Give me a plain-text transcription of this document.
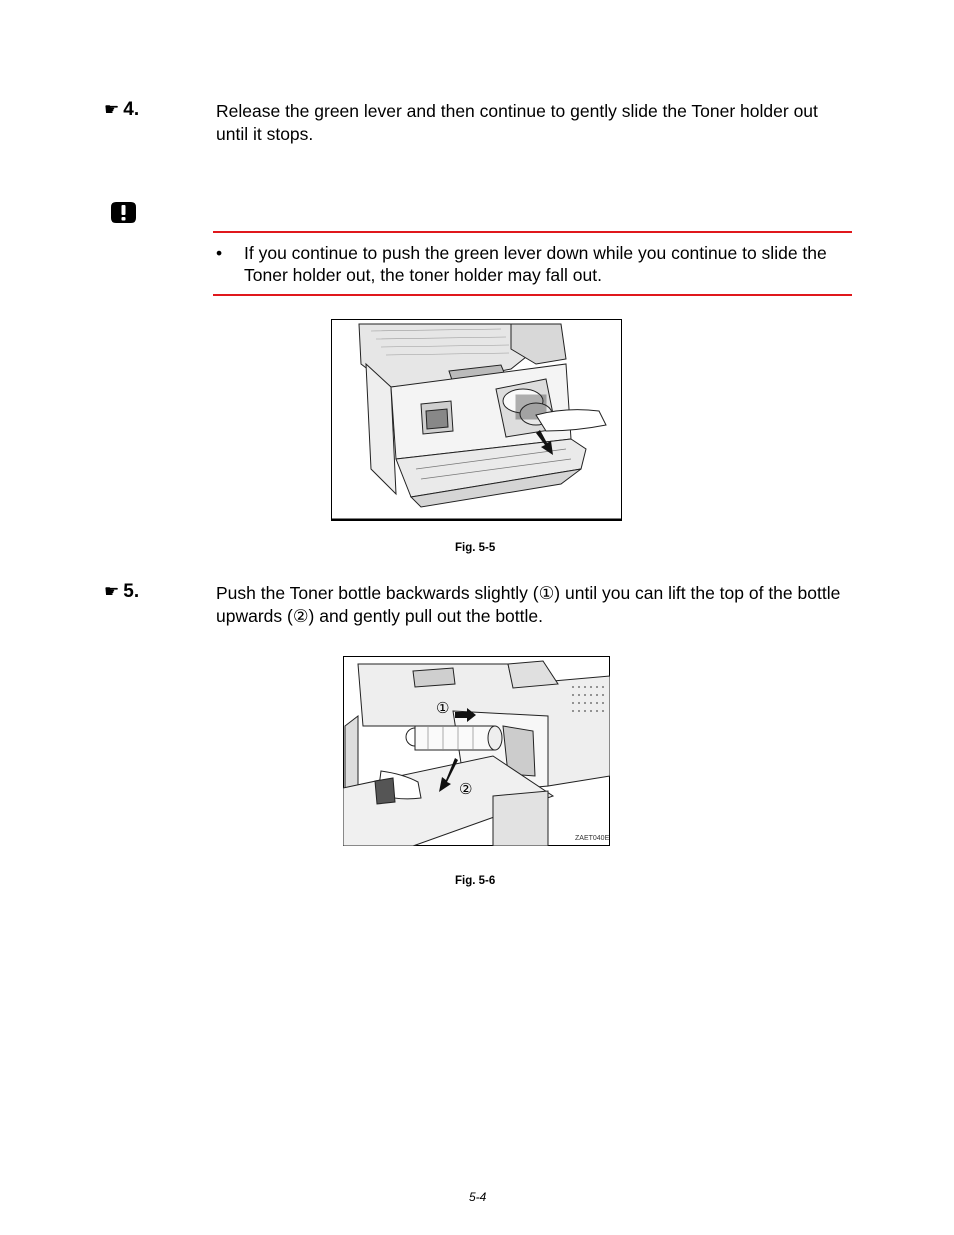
☛ 4.	Release the green lever and then continue to gently slide the Toner holder out until it stops.
•	If you continue to push the green lever down while you continue to slide the Toner holder out, the toner holder may fall out.
Fig. 5-5
☛ 5.	Push the Toner bottle backwards slightly (①) until you can lift the top of the bottle upwards (②) and gently pull out the bottle.
①
②
ZAET040E
Fig. 5-6
5-4
